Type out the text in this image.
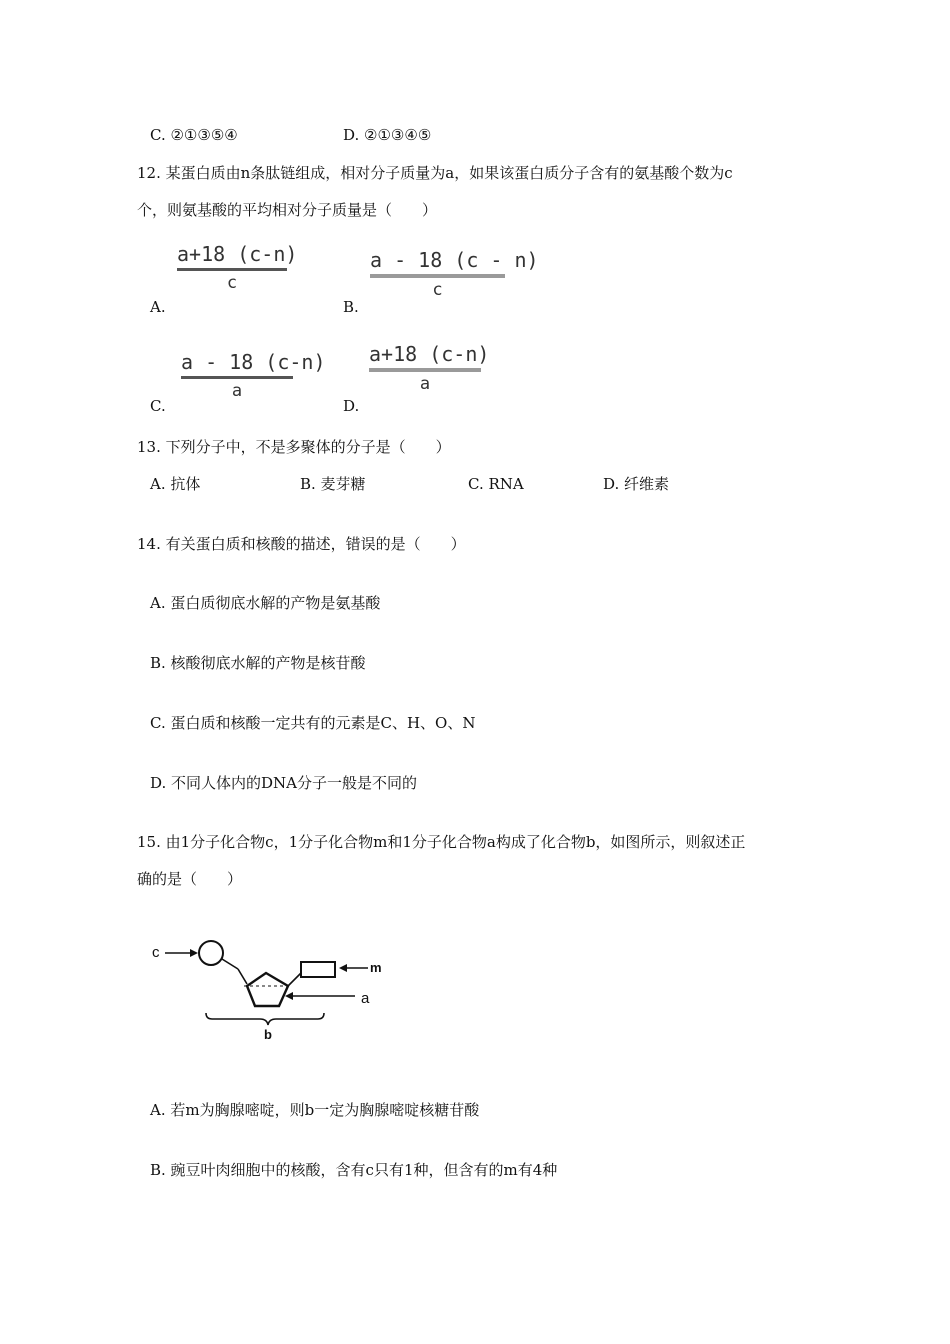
C. ②①③⑤④	D. ②①③④⑤
12. 某蛋白质由n条肽链组成，相对分子质量为a，如果该蛋白质分子含有的氨基酸个数为c
个，则氨基酸的平均相对分子质量是（　　）
A.
a+18 (c-n)
c
B.
a - 18 (c - n)
c
C.
a - 18 (c-n)
a
D.
a+18 (c-n)
a
13. 下列分子中，不是多聚体的分子是（　　）
A. 抗体	B. 麦芽糖	C. RNA	D. 纤维素
14. 有关蛋白质和核酸的描述，错误的是（　　）
A. 蛋白质彻底水解的产物是氨基酸
B. 核酸彻底水解的产物是核苷酸
C. 蛋白质和核酸一定共有的元素是C、H、O、N
D. 不同人体内的DNA分子一般是不同的
15. 由1分子化合物c，1分子化合物m和1分子化合物a构成了化合物b，如图所示，则叙述正
确的是（　　）
c
m
a
b
A. 若m为胸腺嘧啶，则b一定为胸腺嘧啶核糖苷酸
B. 豌豆叶肉细胞中的核酸，含有c只有1种，但含有的m有4种
